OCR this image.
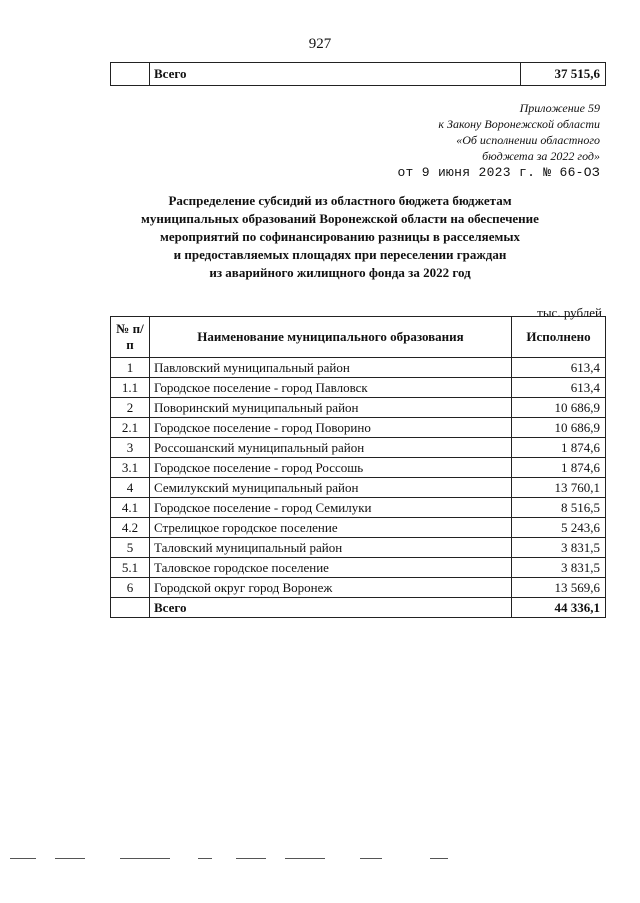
927
	Всего	37 515,6
Приложение 59
к Закону Воронежской области
«Об исполнении областного
бюджета за 2022 год»
от 9 июня 2023 г. № 66-ОЗ
Распределение субсидий из областного бюджета бюджетам
муниципальных образований Воронежской области на обеспечение
мероприятий по софинансированию разницы в расселяемых
и предоставляемых площадях при переселении граждан
из аварийного жилищного фонда за 2022 год
тыс. рублей
№ п/п	Наименование муниципального образования	Исполнено
1	Павловский муниципальный район	613,4
1.1	Городское поселение - город Павловск	613,4
2	Поворинский муниципальный район	10 686,9
2.1	Городское поселение - город Поворино	10 686,9
3	Россошанский муниципальный район	1 874,6
3.1	Городское поселение - город Россошь	1 874,6
4	Семилукский муниципальный район	13 760,1
4.1	Городское поселение - город Семилуки	8 516,5
4.2	Стрелицкое городское поселение	5 243,6
5	Таловский муниципальный район	3 831,5
5.1	Таловское городское поселение	3 831,5
6	Городской округ город Воронеж	13 569,6
	Всего	44 336,1
